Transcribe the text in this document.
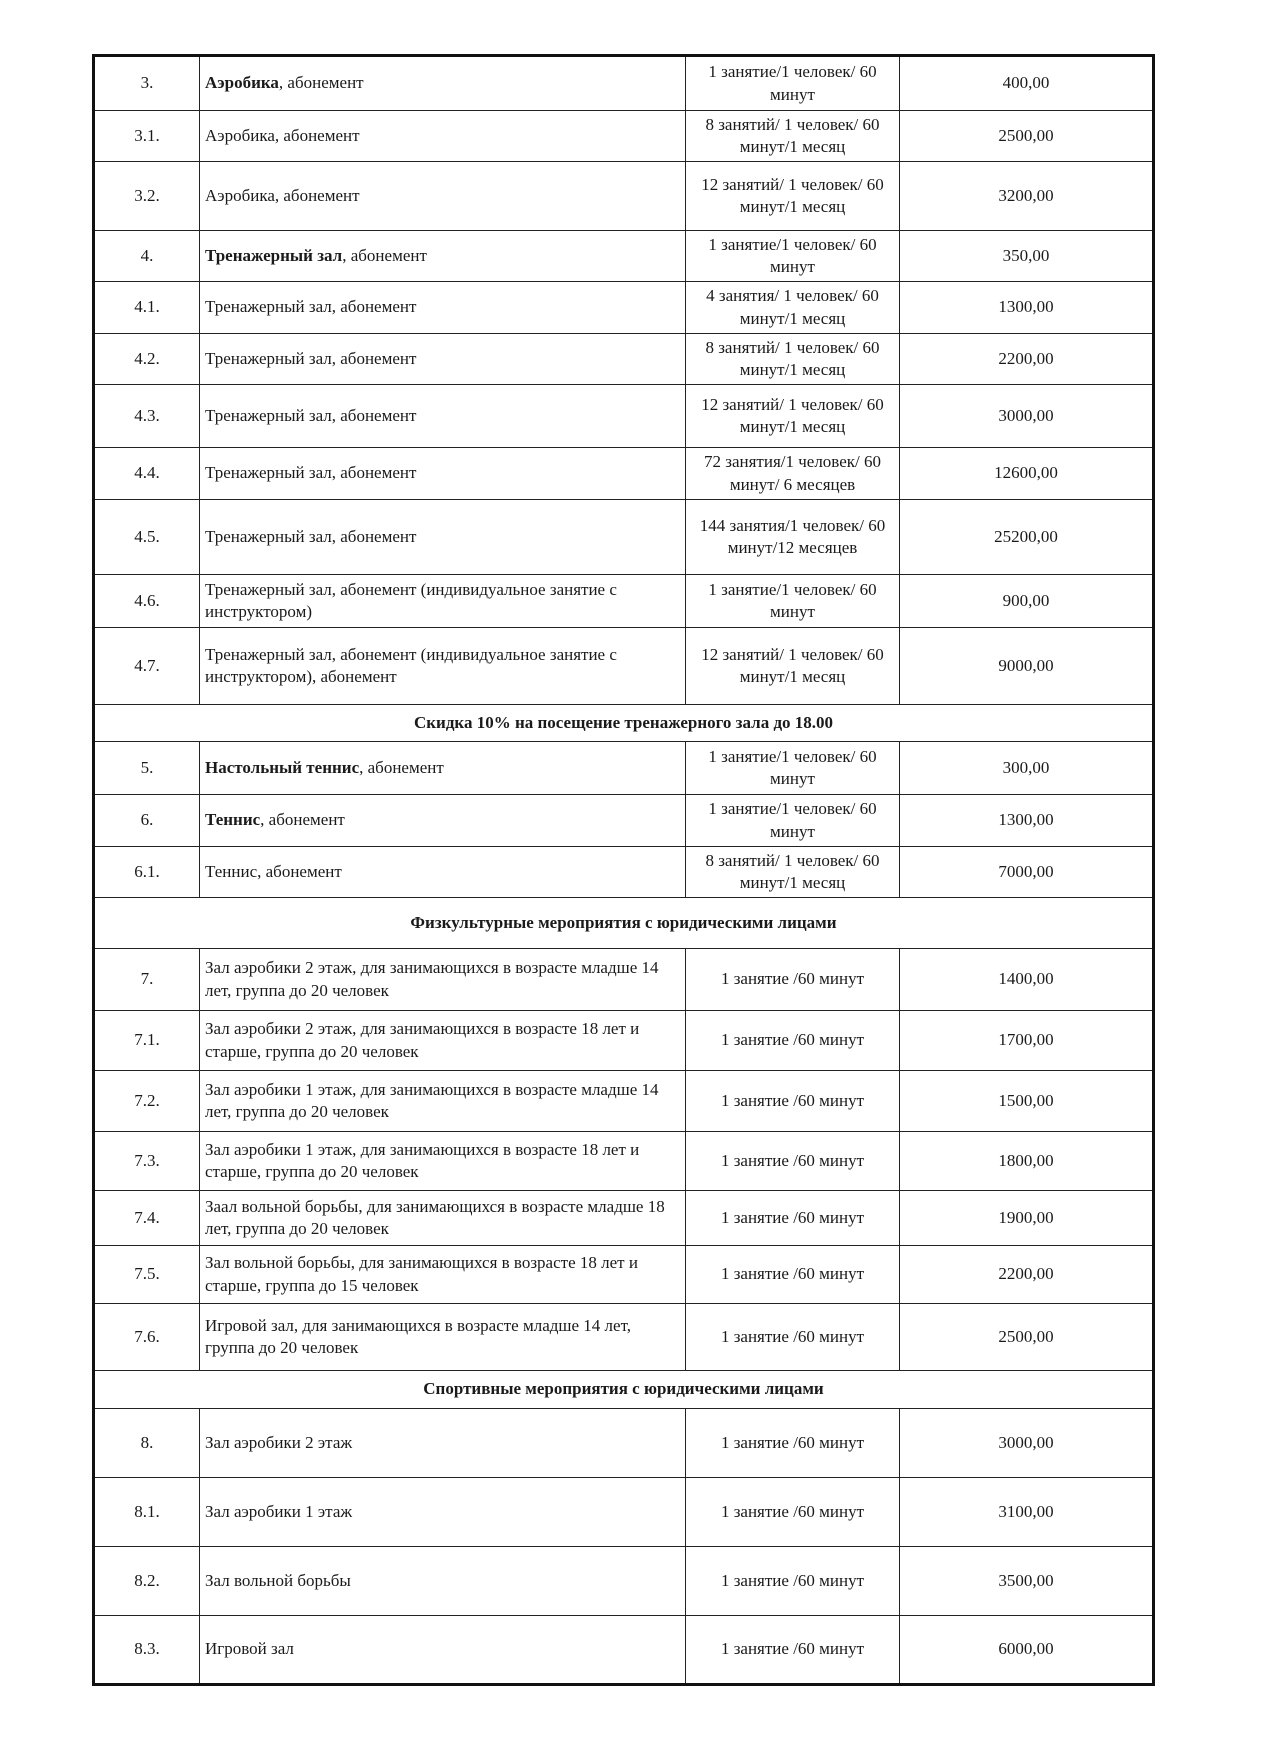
3.	Аэробика, абонемент	1 занятие/1 человек/ 60 минут	400,00
3.1.	Аэробика, абонемент	8 занятий/ 1 человек/ 60 минут/1 месяц	2500,00
3.2.	Аэробика, абонемент	12 занятий/ 1 человек/ 60 минут/1 месяц	3200,00
4.	Тренажерный зал, абонемент	1 занятие/1 человек/ 60 минут	350,00
4.1.	Тренажерный зал, абонемент	4 занятия/ 1 человек/ 60 минут/1 месяц	1300,00
4.2.	Тренажерный зал, абонемент	8 занятий/ 1 человек/ 60 минут/1 месяц	2200,00
4.3.	Тренажерный зал, абонемент	12 занятий/ 1 человек/ 60 минут/1 месяц	3000,00
4.4.	Тренажерный зал, абонемент	72 занятия/1 человек/ 60 минут/ 6 месяцев	12600,00
4.5.	Тренажерный зал, абонемент	144 занятия/1 человек/ 60 минут/12 месяцев	25200,00
4.6.	Тренажерный зал, абонемент (индивидуальное занятие с инструктором)	1 занятие/1 человек/ 60 минут	900,00
4.7.	Тренажерный зал, абонемент (индивидуальное занятие с инструктором), абонемент	12 занятий/ 1 человек/ 60 минут/1 месяц	9000,00
Скидка 10% на посещение тренажерного зала до 18.00			
5.	Настольный теннис, абонемент	1 занятие/1 человек/ 60 минут	300,00
6.	Теннис, абонемент	1 занятие/1 человек/ 60 минут	1300,00
6.1.	Теннис, абонемент	8 занятий/ 1 человек/ 60 минут/1 месяц	7000,00
Физкультурные мероприятия с юридическими лицами			
7.	Зал аэробики 2 этаж, для занимающихся в возрасте младше 14 лет, группа до 20 человек	1 занятие /60 минут	1400,00
7.1.	Зал аэробики 2 этаж, для занимающихся в возрасте 18 лет и старше, группа до 20 человек	1 занятие /60 минут	1700,00
7.2.	Зал аэробики 1 этаж, для занимающихся в возрасте младше 14 лет, группа до 20 человек	1 занятие /60 минут	1500,00
7.3.	Зал аэробики 1 этаж, для занимающихся в возрасте 18 лет и старше, группа до 20 человек	1 занятие /60 минут	1800,00
7.4.	Заал вольной борьбы, для занимающихся в возрасте младше 18 лет, группа до 20 человек	1 занятие /60 минут	1900,00
7.5.	Зал вольной борьбы, для занимающихся в возрасте 18 лет и старше, группа до 15 человек	1 занятие /60 минут	2200,00
7.6.	Игровой зал, для занимающихся в возрасте младше 14 лет, группа до 20 человек	1 занятие /60 минут	2500,00
Спортивные мероприятия с юридическими лицами			
8.	Зал аэробики 2 этаж	1 занятие /60 минут	3000,00
8.1.	Зал аэробики 1 этаж	1 занятие /60 минут	3100,00
8.2.	Зал вольной борьбы	1 занятие /60 минут	3500,00
8.3.	Игровой зал	1 занятие /60 минут	6000,00
